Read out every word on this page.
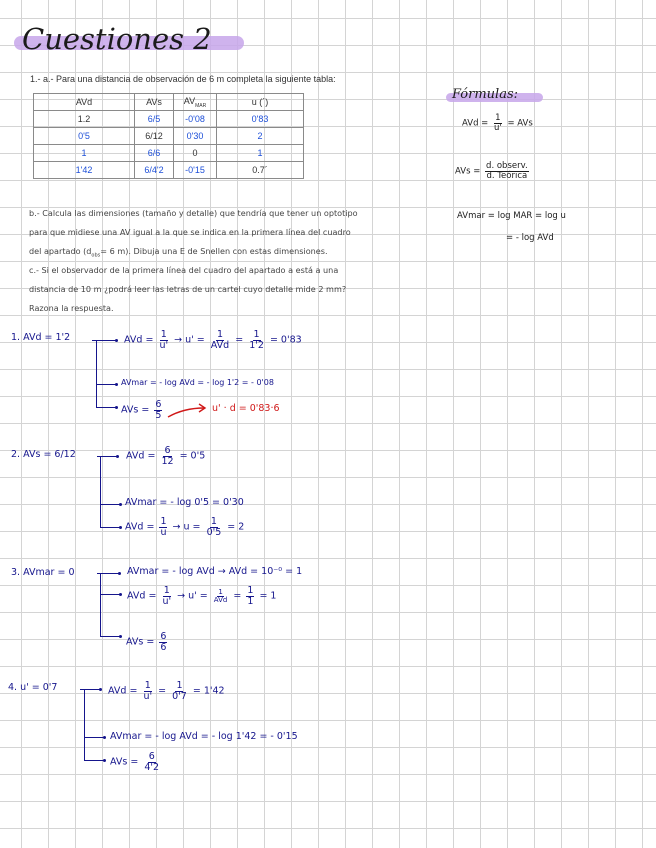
Cuestiones 2
1.- a.- Para una distancia de observación de 6 m completa la siguiente tabla:
AVd	AVs	$AV_{MAR}$	u (´)
1.2	6/5	-0'08	0'83
0'5	6/12	0'30	2
1	6/6	0	1
1'42	6/4'2	-0'15	0.7´
b.- Calcula las dimensiones (tamaño y detalle) que tendría que tener un optotipo
para que midiese una AV igual a la que se indica en la primera línea del cuadro
del apartado ($d_{obs}= 6$ m). Dibuja una E de Snellen con estas dimensiones.
c.- Si el observador de la primera línea del cuadro del apartado a está a una
distancia de 10 m ¿podrá leer las letras de un cartel cuyo detalle mide 2 mm?
Razona la respuesta.
Fórmulas:
AVd = $\frac{1}{u'}$ = AVs
AVs = $\frac{\text{d. observ.}}{\text{d. Teórica}}$
AVmar = log MAR = log u
= - log AVd
1. AVd = 1'2	AVd = $\frac{1}{u'} \to u' = \frac{1}{\text{AVd}} = \frac{1}{1'2} = 0'83$
AVmar = - log AVd = - log 1'2 = - 0'08
AVs = $\frac{6}{5}$	u' · d = 0'83·6
2. AVs = 6/12	AVd = $\frac{6}{12} = 0'5$
AVmar = - log 0'5 = 0'30
AVd = $\frac{1}{u} \to u = \frac{1}{0'5} = 2$
3. AVmar = 0	AVmar = - log AVd → AVd = 10⁻⁰ = 1
AVd = $\frac{1}{u'} \to u' = \frac{1}{\text{AVd}} = \frac{1}{1} = 1$
AVs = $\frac{6}{6}$
4. u' = 0'7	AVd = $\frac{1}{u'} = \frac{1}{0'7} = 1'42$
AVmar = - log AVd = - log 1'42 = - 0'15
AVs = $\frac{6}{4'2}$
